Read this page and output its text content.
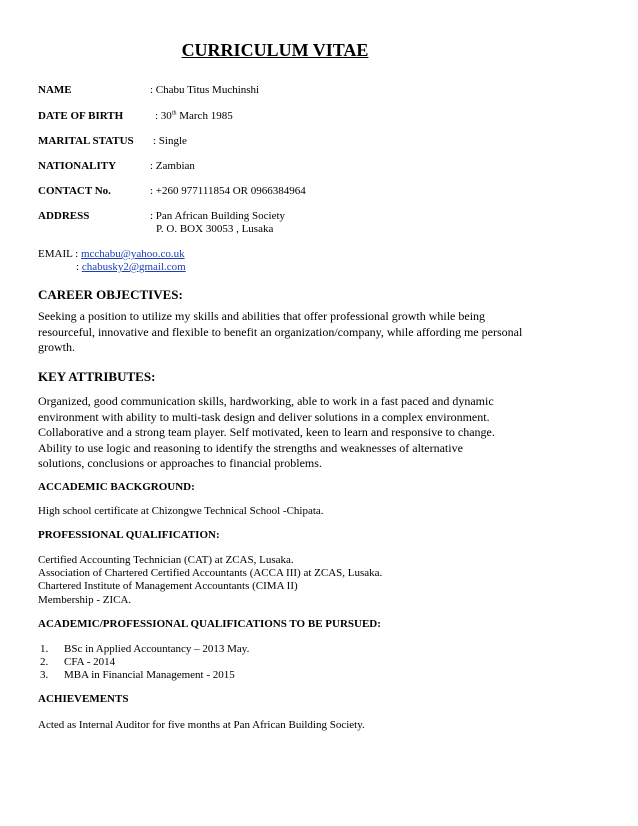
CURRICULUM VITAE
NAME	: Chabu Titus Muchinshi
DATE OF BIRTH	: 30th March 1985
MARITAL STATUS : Single
NATIONALITY	: Zambian
CONTACT No.	: +260 977111854 OR 0966384964
ADDRESS	: Pan African Building Society
P. O. BOX 30053 , Lusaka
EMAIL : mcchabu@yahoo.co.uk
: chabusky2@gmail.com
CAREER OBJECTIVES:

Seeking a position to utilize my skills and abilities that offer professional growth while being

resourceful, innovative and flexible to benefit an organization/company, while affording me personal

growth.

KEY ATTRIBUTES:

Organized, good communication skills, hardworking, able to work in a fast paced and dynamic

environment with ability to multi-task design and deliver solutions in a complex environment.

Collaborative and a strong team player. Self motivated, keen to learn and responsive to change.

Ability to use logic and reasoning to identify the strengths and weaknesses of alternative

solutions, conclusions or approaches to financial problems.

ACCADEMIC BACKGROUND:
High school certificate at Chizongwe Technical School -Chipata.
PROFESSIONAL QUALIFICATION:
Certified Accounting Technician (CAT) at ZCAS, Lusaka.
Association of Chartered Certified Accountants (ACCA III) at ZCAS, Lusaka.
Chartered Institute of Management Accountants (CIMA II)
Membership - ZICA.
ACADEMIC/PROFESSIONAL QUALIFICATIONS TO BE PURSUED:
1. BSc in Applied Accountancy – 2013 May.
2. CFA - 2014
3. MBA in Financial Management - 2015
ACHIEVEMENTS
Acted as Internal Auditor for five months at Pan African Building Society.
